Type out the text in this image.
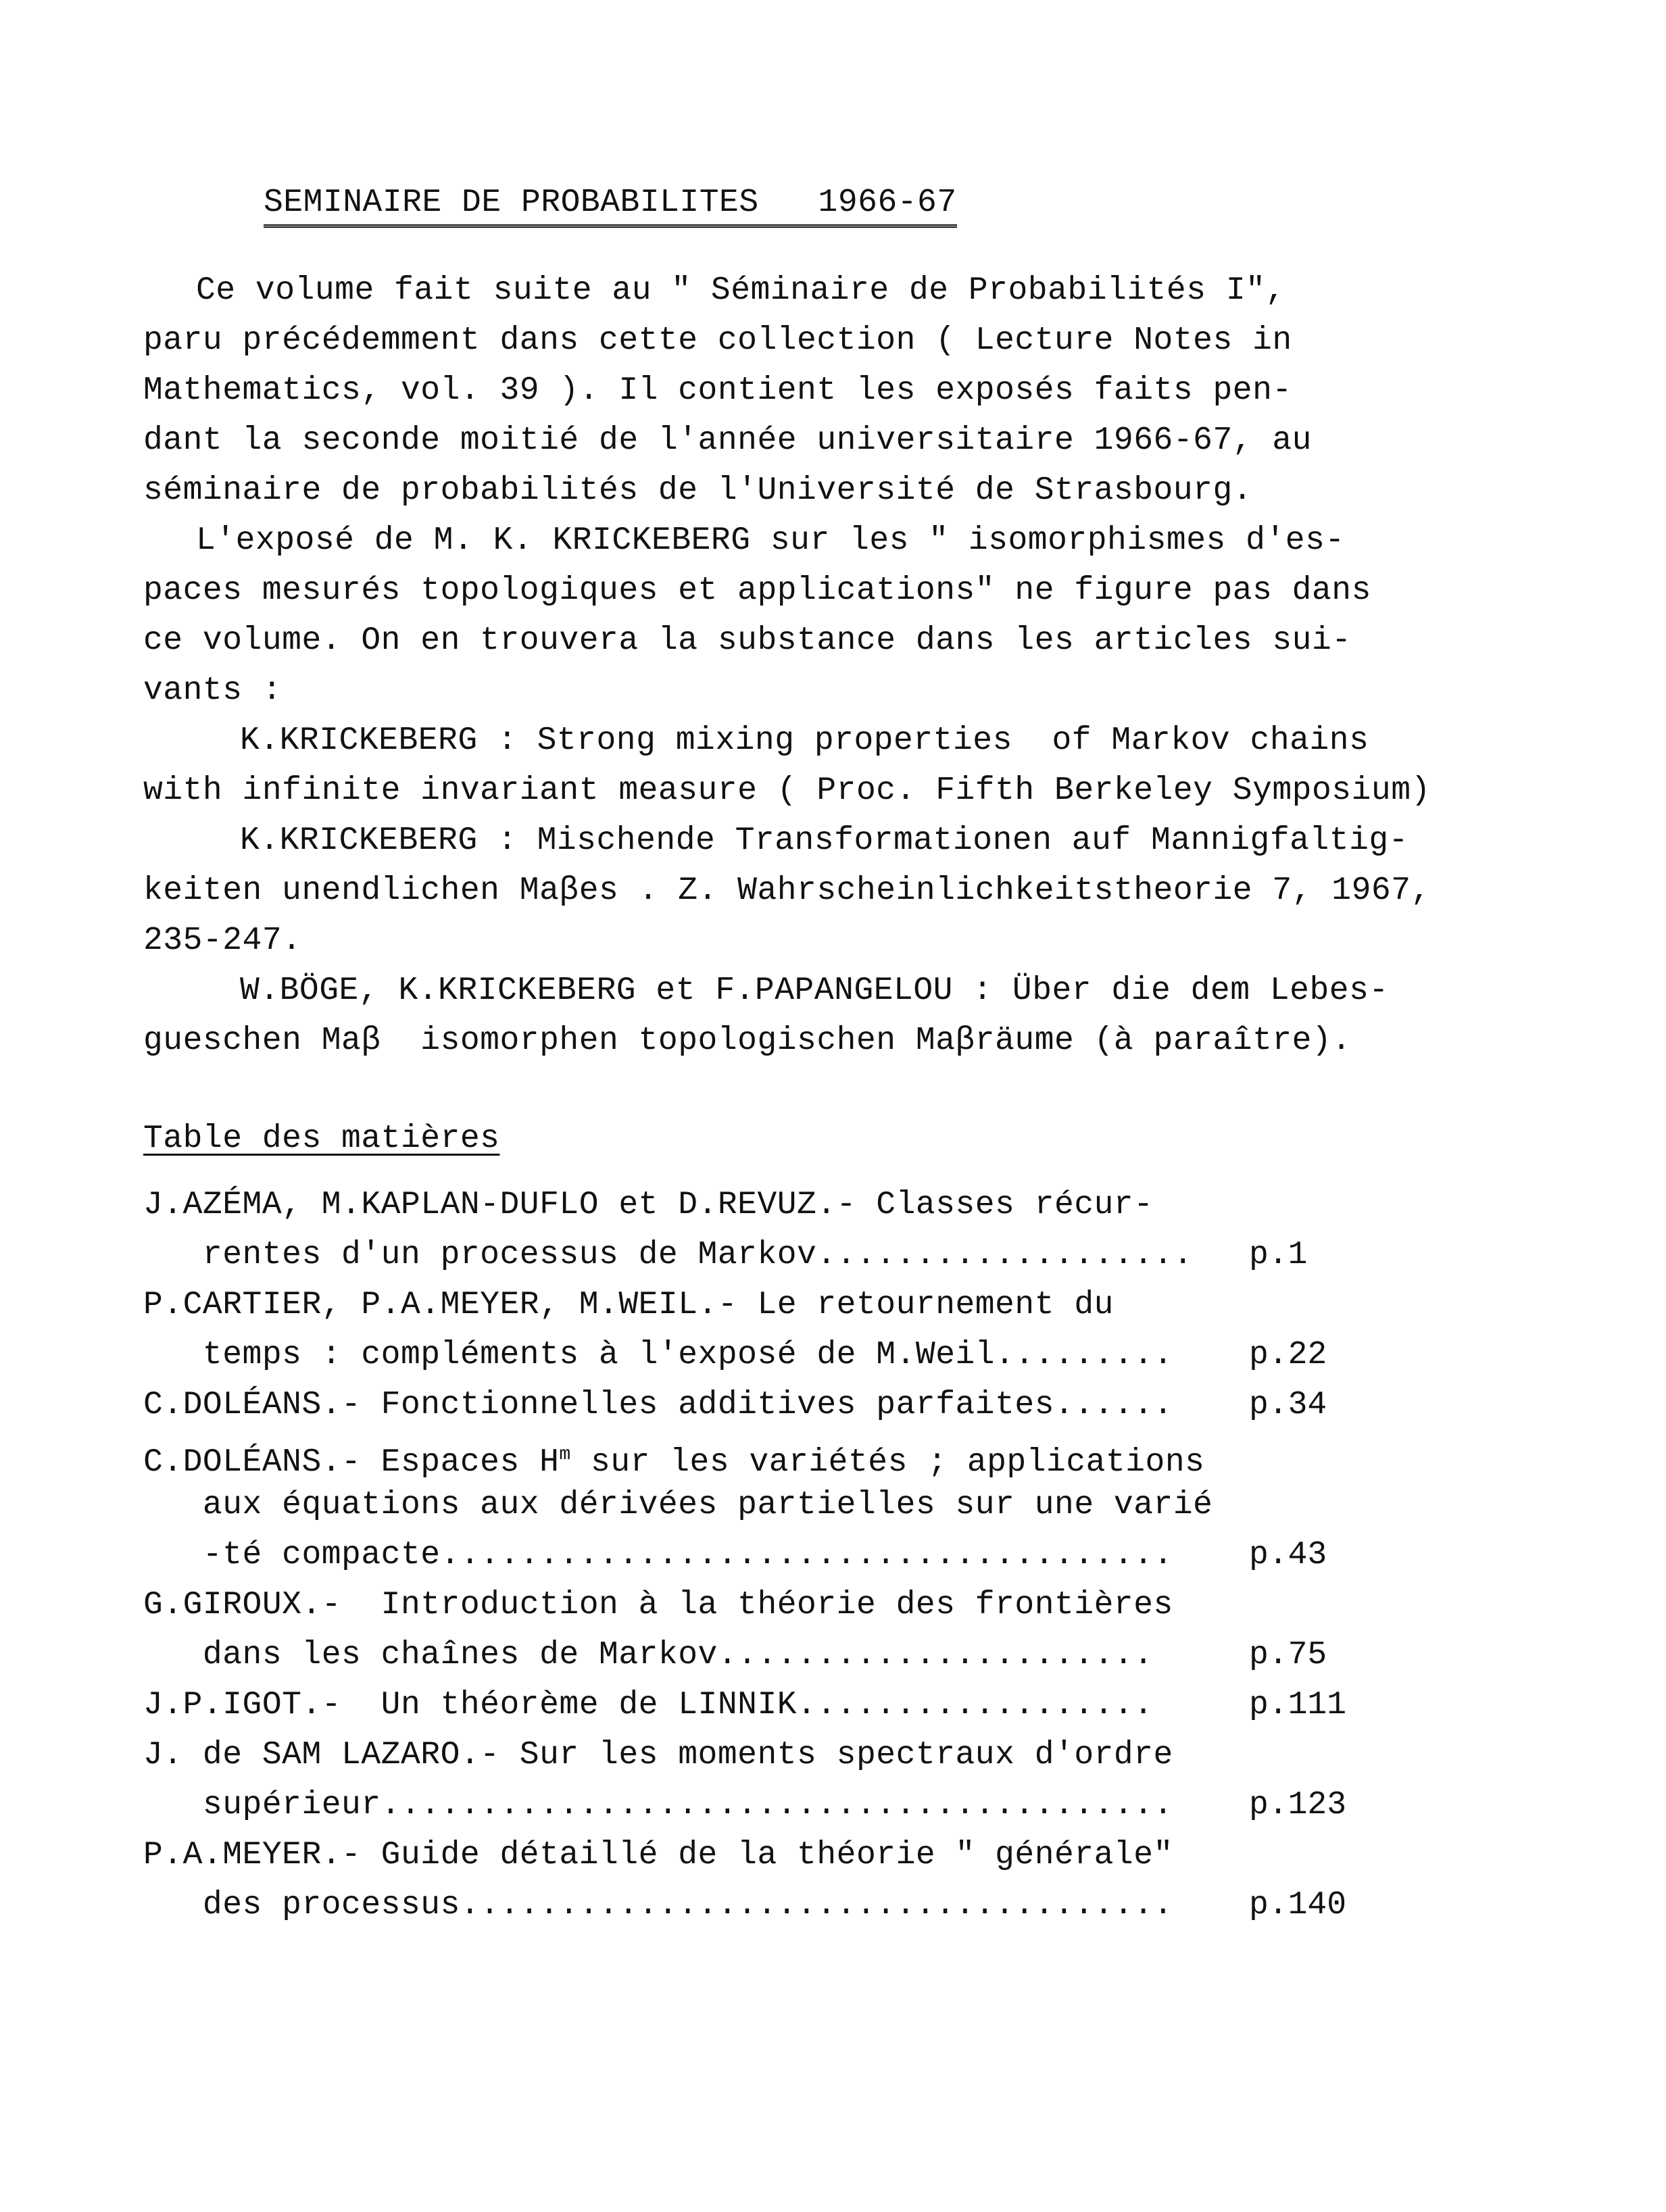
SEMINAIRE DE PROBABILITES   1966-67
Ce volume fait suite au " Séminaire de Probabilités I",
paru précédemment dans cette collection ( Lecture Notes in
Mathematics, vol. 39 ). Il contient les exposés faits pen-
dant la seconde moitié de l'année universitaire 1966-67, au
séminaire de probabilités de l'Université de Strasbourg.
L'exposé de M. K. KRICKEBERG sur les " isomorphismes d'es-
paces mesurés topologiques et applications" ne figure pas dans
ce volume. On en trouvera la substance dans les articles sui-
vants :
K.KRICKEBERG : Strong mixing properties  of Markov chains
with infinite invariant measure ( Proc. Fifth Berkeley Symposium)
K.KRICKEBERG : Mischende Transformationen auf Mannigfaltig-
keiten unendlichen Maβes . Z. Wahrscheinlichkeitstheorie 7, 1967,
235-247.
W.BÖGE, K.KRICKEBERG et F.PAPANGELOU : Über die dem Lebes-
gueschen Maβ  isomorphen topologischen Maβräume (à paraître).
Table des matières
J.AZÉMA, M.KAPLAN-DUFLO et D.REVUZ.- Classes récur-
rentes d'un processus de Markov................... p.1
P.CARTIER, P.A.MEYER, M.WEIL.- Le retournement du
temps : compléments à l'exposé de M.Weil......... p.22
C.DOLÉANS.- Fonctionnelles additives parfaites...... p.34
C.DOLÉANS.- Espaces $H^m$ sur les variétés ; applications
aux équations aux dérivées partielles sur une varié
-té compacte..................................... p.43
G.GIROUX.-  Introduction à la théorie des frontières
dans les chaînes de Markov......................	p.75
J.P.IGOT.-  Un théorème de LINNIK..................	p.111
J. de SAM LAZARO.- Sur les moments spectraux d'ordre
supérieur........................................ p.123
P.A.MEYER.- Guide détaillé de la théorie " générale"
des processus.................................... p.140
